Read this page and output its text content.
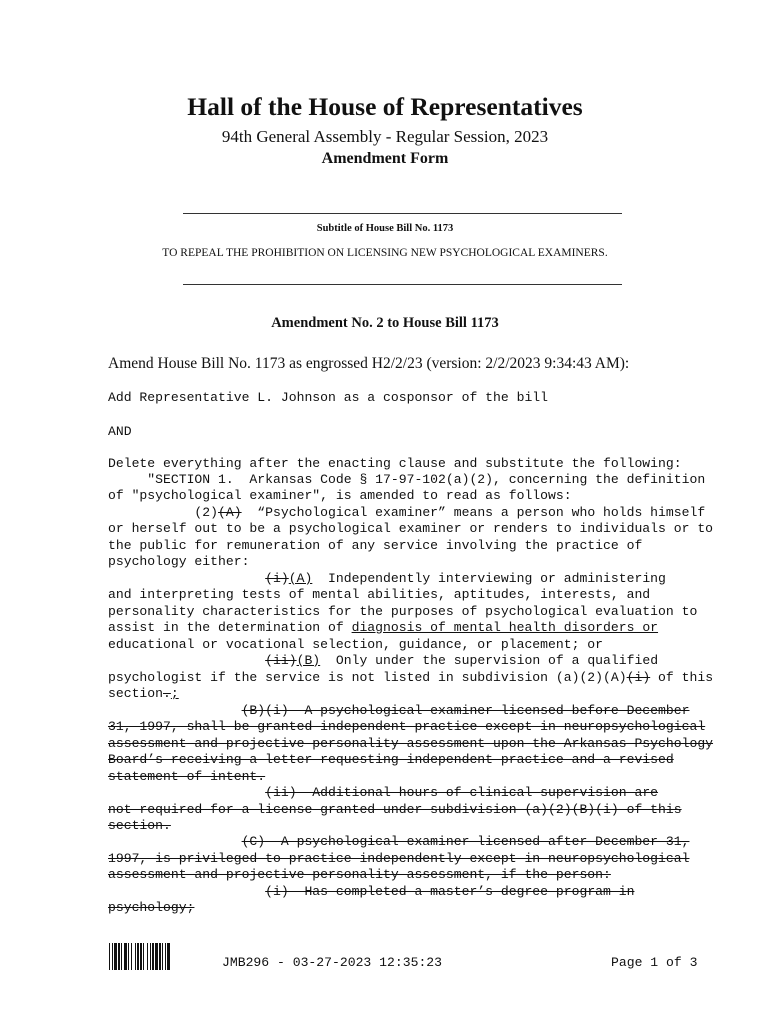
Hall of the House of Representatives
94th General Assembly - Regular Session, 2023
Amendment Form
Subtitle of House Bill No. 1173
TO REPEAL THE PROHIBITION ON LICENSING NEW PSYCHOLOGICAL EXAMINERS.
Amendment No. 2 to House Bill 1173
Amend House Bill No. 1173 as engrossed H2/2/23 (version: 2/2/2023 9:34:43 AM):
Add Representative L. Johnson as a cosponsor of the bill
AND
Delete everything after the enacting clause and substitute the following:
"SECTION 1.  Arkansas Code § 17-97-102(a)(2), concerning the definition
of "psychological examiner", is amended to read as follows:
(2)(A)  “Psychological examiner” means a person who holds himself
or herself out to be a psychological examiner or renders to individuals or to
the public for remuneration of any service involving the practice of
psychology either:
(i)(A)  Independently interviewing or administering
and interpreting tests of mental abilities, aptitudes, interests, and
personality characteristics for the purposes of psychological evaluation to
assist in the determination of diagnosis of mental health disorders or
educational or vocational selection, guidance, or placement; or
(ii)(B)  Only under the supervision of a qualified
psychologist if the service is not listed in subdivision (a)(2)(A)(i) of this
section.;
(B)(i)  A psychological examiner licensed before December
31, 1997, shall be granted independent practice except in neuropsychological
assessment and projective personality assessment upon the Arkansas Psychology
Board’s receiving a letter requesting independent practice and a revised
statement of intent.
(ii)  Additional hours of clinical supervision are
not required for a license granted under subdivision (a)(2)(B)(i) of this
section.
(C)  A psychological examiner licensed after December 31,
1997, is privileged to practice independently except in neuropsychological
assessment and projective personality assessment, if the person:
(i)  Has completed a master’s degree program in
psychology;
JMB296 - 03-27-2023 12:35:23	Page 1 of 3
